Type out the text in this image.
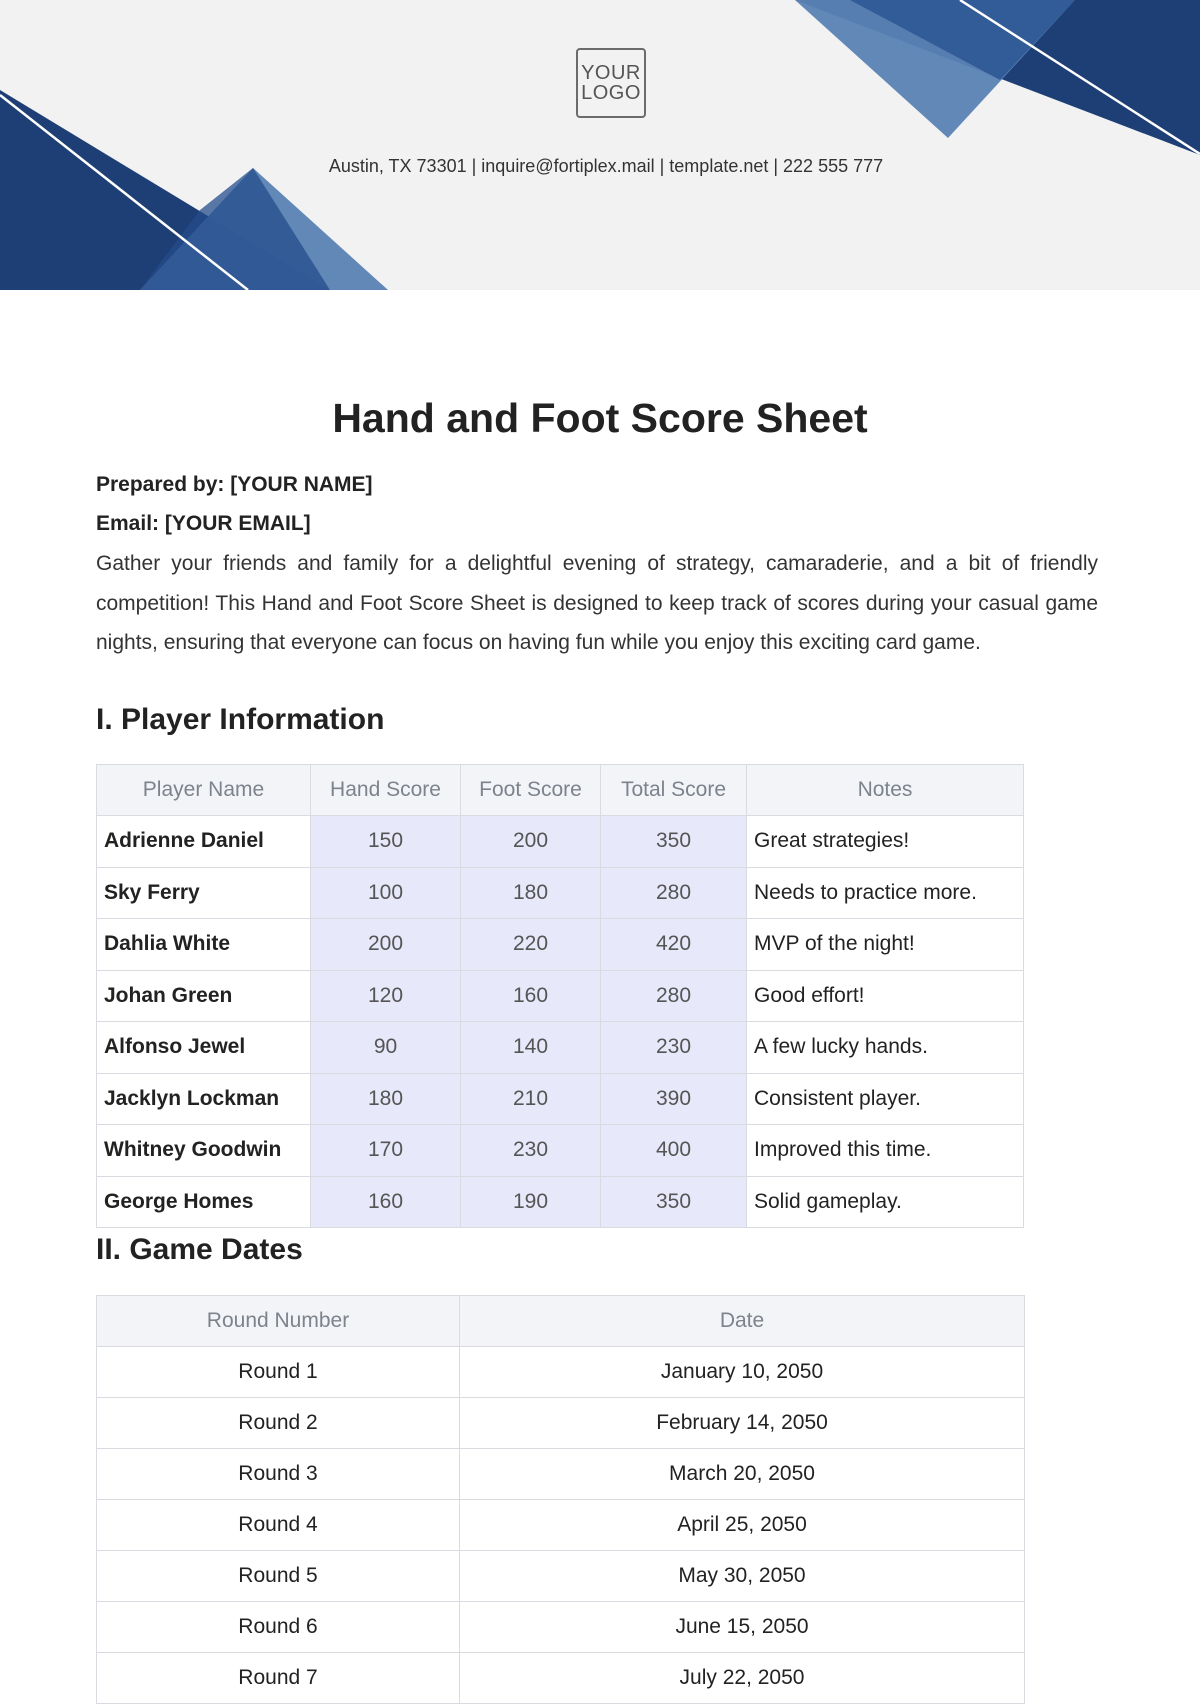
YOUR
LOGO
Austin, TX 73301 | inquire@fortiplex.mail | template.net | 222 555 777
Hand and Foot Score Sheet
Prepared by: [YOUR NAME]
Email: [YOUR EMAIL]

Gather your friends and family for a delightful evening of strategy, camaraderie, and a bit of friendly competition! This Hand and Foot Score Sheet is designed to keep track of scores during your casual game nights, ensuring that everyone can focus on having fun while you enjoy this exciting card game.

I. Player Information
Player Name	Hand Score	Foot Score	Total Score	Notes
Adrienne Daniel	150	200	350	Great strategies!
Sky Ferry	100	180	280	Needs to practice more.
Dahlia White	200	220	420	MVP of the night!
Johan Green	120	160	280	Good effort!
Alfonso Jewel	90	140	230	A few lucky hands.
Jacklyn Lockman	180	210	390	Consistent player.
Whitney Goodwin	170	230	400	Improved this time.
George Homes	160	190	350	Solid gameplay.
II. Game Dates
Round Number	Date
Round 1	January 10, 2050
Round 2	February 14, 2050
Round 3	March 20, 2050
Round 4	April 25, 2050
Round 5	May 30, 2050
Round 6	June 15, 2050
Round 7	July 22, 2050
